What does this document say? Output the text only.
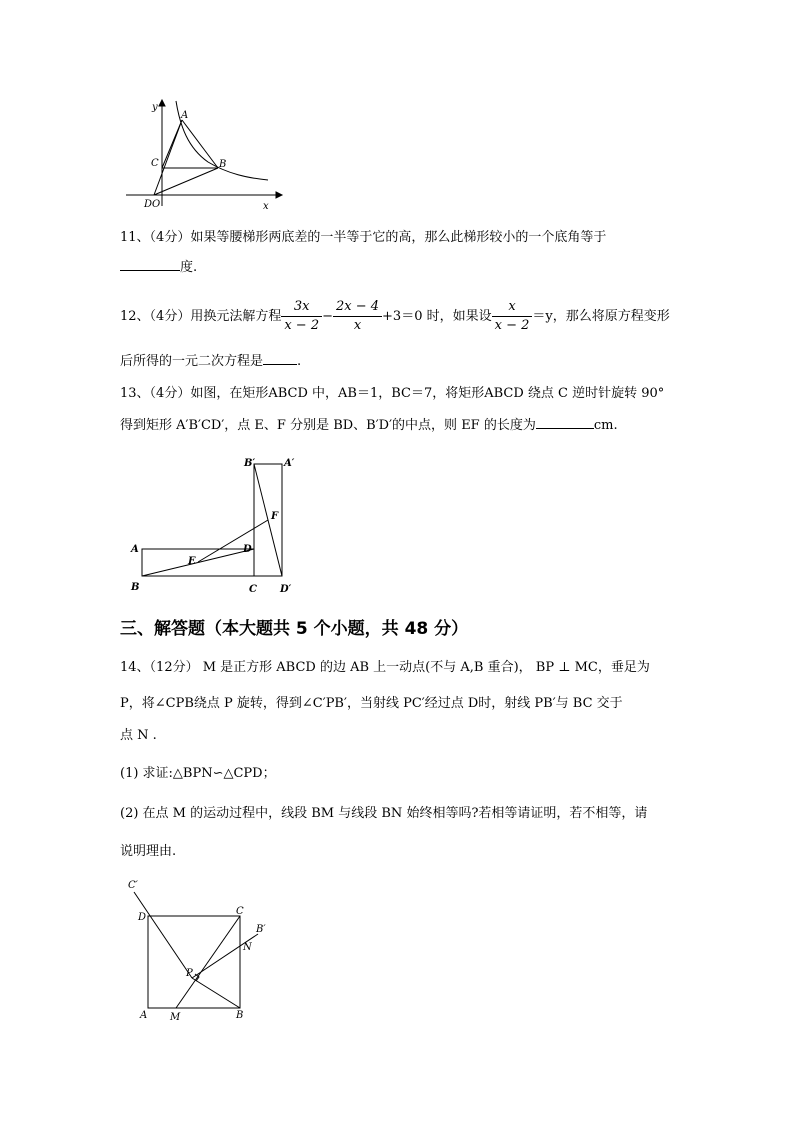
y
A
C	B
DO	x
11、（4分）如果等腰梯形两底差的一半等于它的高，那么此梯形较小的一个底角等于
度.
12、（4分）用换元法解方程 $\frac{3x}{x - 2} - \frac{2x - 4}{x} +3=0$ 时，如果设 $\frac{x}{x - 2} =y$，那么将原方程变形
后所得的一元二次方程是	.
13、（4分）如图，在矩形ABCD 中，AB＝1，BC＝7，将矩形ABCD 绕点 C 逆时针旋转 90°
得到矩形 A′B′CD′，点 E、F 分别是 BD、B′D′的中点，则 EF 的长度为	cm.
B′	A′
F
A	D
E
B	C D′
三、解答题（本大题共 5 个小题，共 48 分）
14、（12分） M 是正方形 ABCD 的边 AB 上一动点(不与 A,B 重合)， BP ⊥ MC，垂足为
P，将∠CPB绕点 P 旋转，得到∠C′PB′，当射线 PC′经过点 D时，射线 PB′与 BC 交于
点 N .
(1) 求证:△BPN∽△CPD；
(2) 在点 M 的运动过程中，线段 BM 与线段 BN 始终相等吗?若相等请证明，若不相等，请
说明理由.
C′
D
C
B′
N
P
A M	B
